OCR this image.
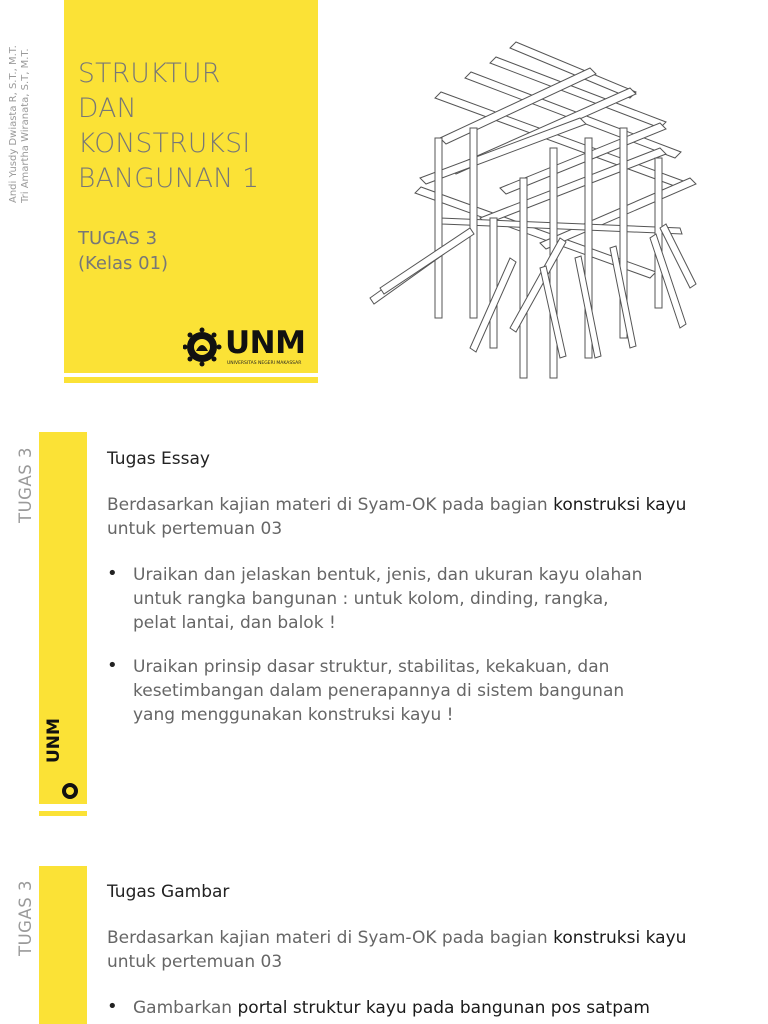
Andi Yusdy Dwiasta R, S.T., M.T. Tri Amartha Wiranata, S.T, M.T. STRUKTUR
DAN
KONSTRUKSI
BANGUNAN 1
TUGAS 3
(Kelas 01)
UNM
UNIVERSITAS NEGERI MAKASSAR
TUGAS 3
UNM
Tugas Essay
Berdasarkan kajian materi di Syam-OK pada bagian konstruksi kayu untuk pertemuan 03
• Uraikan dan jelaskan bentuk, jenis, dan ukuran kayu olahan
untuk rangka bangunan : untuk kolom, dinding, rangka,
pelat lantai, dan balok !
• Uraikan prinsip dasar struktur, stabilitas, kekakuan, dan
kesetimbangan dalam penerapannya di sistem bangunan
yang menggunakan konstruksi kayu !
TUGAS 3	Tugas Gambar
Berdasarkan kajian materi di Syam-OK pada bagian konstruksi kayu untuk pertemuan 03
• Gambarkan portal struktur kayu pada bangunan pos satpam
